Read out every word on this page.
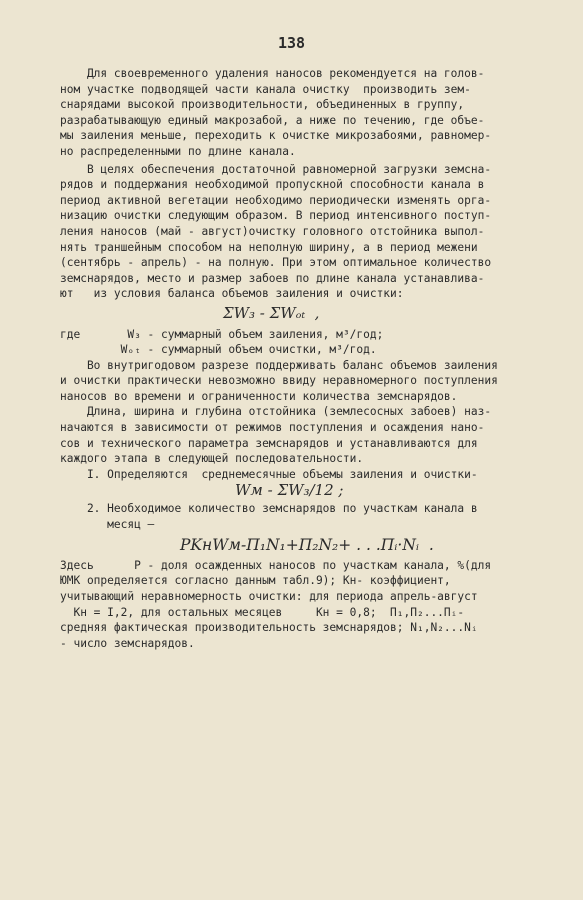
138
Для своевременного удаления наносов рекомендуется на голов-
ном участке подводящей части канала очистку  производить зем-
снарядами высокой производительности, объединенных в группу,
разрабатывающую единый макрозабой, а ниже по течению, где объе-
мы заиления меньше, переходить к очистке микрозабоями, равномер-
но распределенными по длине канала.
В целях обеспечения достаточной равномерной загрузки земсна-
рядов и поддержания необходимой пропускной способности канала в
период активной вегетации необходимо периодически изменять орга-
низацию очистки следующим образом. В период интенсивного поступ-
ления наносов (май - август)очистку головного отстойника выпол-
нять траншейным способом на неполную ширину, а в период межени
(сентябрь - апрель) - на полную. При этом оптимальное количество
земснарядов, место и размер забоев по длине канала устанавлива-
ют   из условия баланса объемов заиления и очистки:
ΣW₃ - ΣWₒₜ  ,
где       W₃ - суммарный объем заиления, м³/год;
Wₒₜ - суммарный объем очистки, м³/год.
Во внутригодовом разрезе поддерживать баланс объемов заиления
и очистки практически невозможно ввиду неравномерного поступления
наносов во времени и ограниченности количества земснарядов.
Длина, ширина и глубина отстойника (землесосных забоев) наз-
начаются в зависимости от режимов поступления и осаждения нано-
сов и технического параметра земснарядов и устанавливаются для
каждого этапа в следующей последовательности.
I. Определяются  среднемесячные объемы заиления и очистки-
Wм - ΣW₃/12 ;
2. Необходимое количество земснарядов по участкам канала в
месяц —
PKнWм-П₁N₁+П₂N₂+ . . .Пᵢ·Nᵢ  .
Здесь      P - доля осажденных наносов по участкам канала, %(для
ЮМК определяется согласно данным табл.9); Kн- коэффициент,
учитывающий неравномерность очистки: для периода апрель-август
Kн = I,2, для остальных месяцев     Kн = 0,8;  П₁,П₂...Пᵢ-
средняя фактическая производительность земснарядов; N₁,N₂...Nᵢ
- число земснарядов.
